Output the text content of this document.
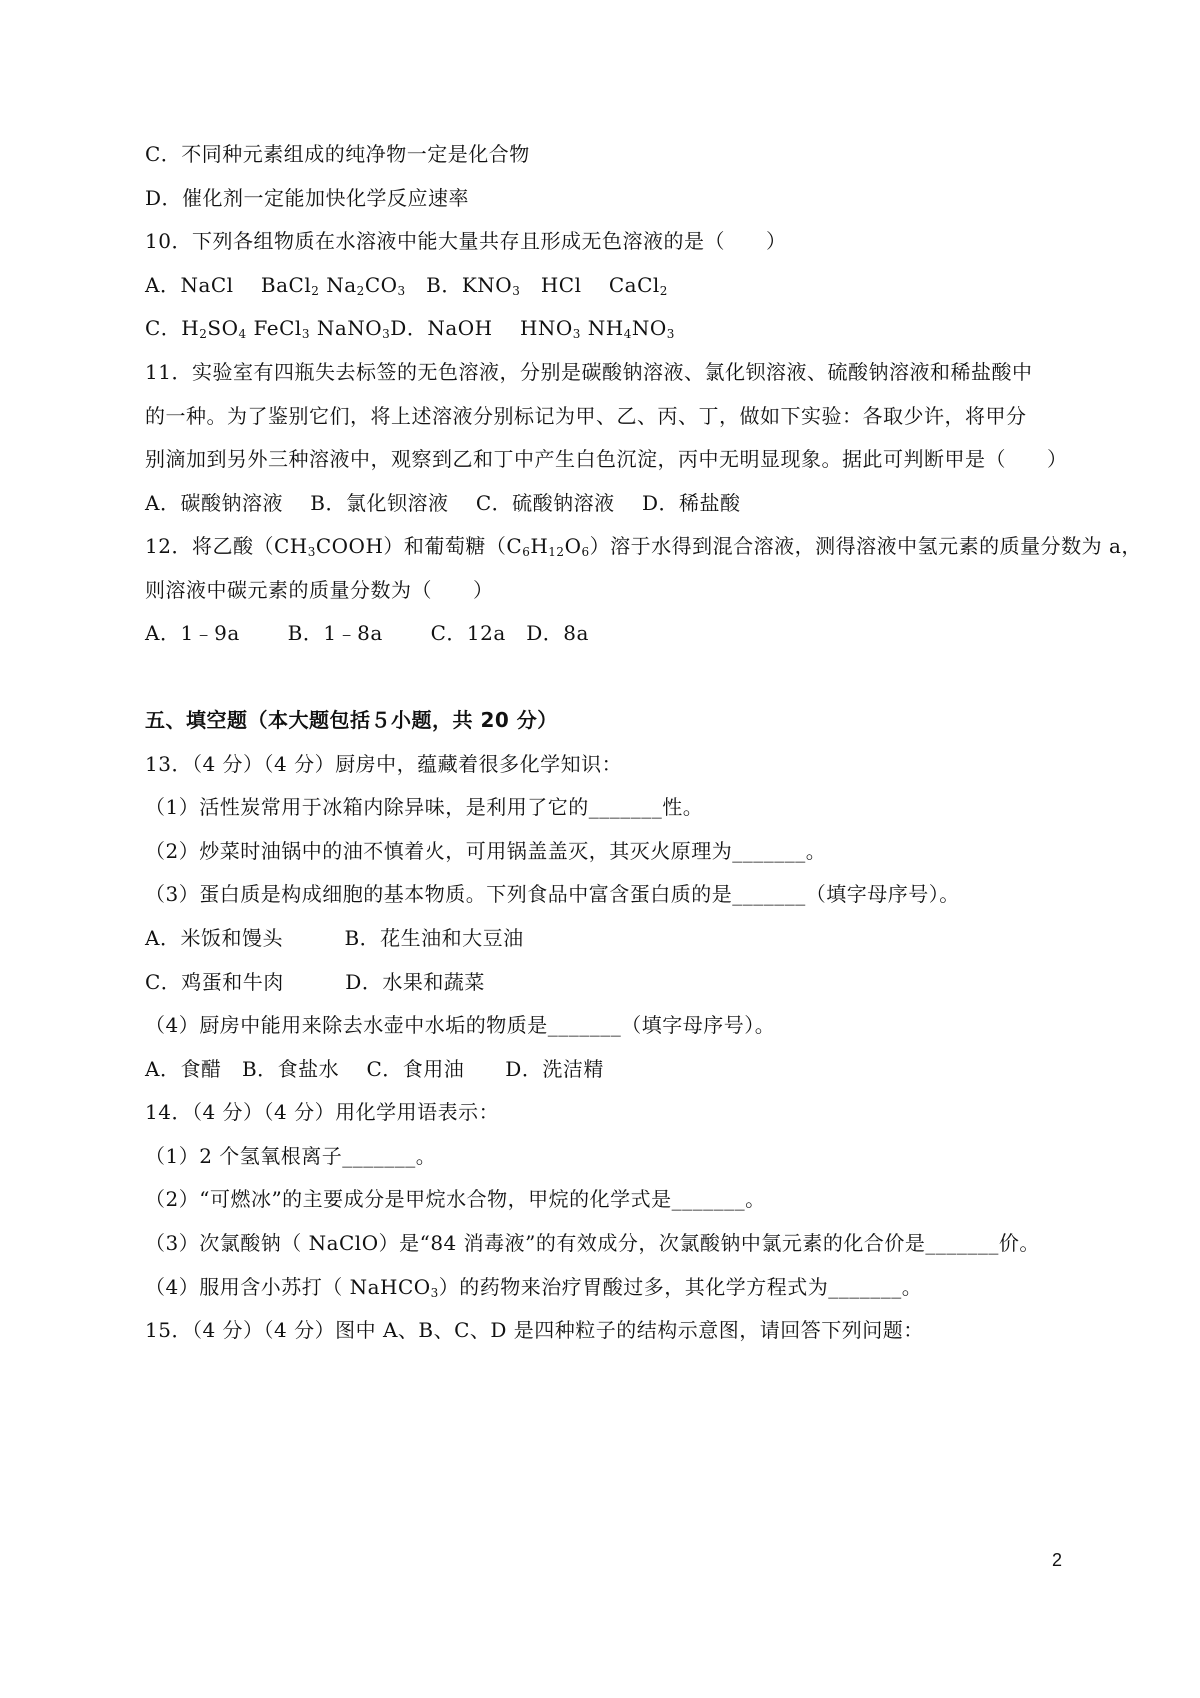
C．不同种元素组成的纯净物一定是化合物
D．催化剂一定能加快化学反应速率
10．下列各组物质在水溶液中能大量共存且形成无色溶液的是（　　）
A．NaCl　 BaCl$_2$ $Na_2CO_3$　B．$KNO_3$　HCl　 CaCl$_2$
C．$H_2SO_4$ FeCl$_3$ NaNO$_3$D．NaOH　 $HNO_3$ $NH_4NO_3$
11．实验室有四瓶失去标签的无色溶液，分别是碳酸钠溶液、氯化钡溶液、硫酸钠溶液和稀盐酸中
的一种。为了鉴别它们，将上述溶液分别标记为甲、乙、丙、丁，做如下实验：各取少许，将甲分
别滴加到另外三种溶液中，观察到乙和丁中产生白色沉淀，丙中无明显现象。据此可判断甲是（　　）
A．碳酸钠溶液　 B．氯化钡溶液　 C．硫酸钠溶液　 D．稀盐酸
12．将乙酸$(CH_3COOH)$和葡萄糖$(C_6H_{12}O_6)$溶于水得到混合溶液，测得溶液中氢元素的质量分数为 a，
则溶液中碳元素的质量分数为（　　）
A．1﹣9a　　 B．1﹣8a　　 C．12a　D．8a
五、填空题（本大题包括５小题，共 20 分）
13．（4 分）（4 分）厨房中，蕴藏着很多化学知识：
（1）活性炭常用于冰箱内除异味，是利用了它的_______性。
（2）炒菜时油锅中的油不慎着火，可用锅盖盖灭，其灭火原理为_______。
（3）蛋白质是构成细胞的基本物质。下列食品中富含蛋白质的是_______（填字母序号）。
A．米饭和馒头　　　B．花生油和大豆油
C．鸡蛋和牛肉　　　D．水果和蔬菜
（4）厨房中能用来除去水壶中水垢的物质是_______（填字母序号）。
A．食醋　B．食盐水　 C．食用油　　D．洗洁精
14．（4 分）（4 分）用化学用语表示：
（1）2 个氢氧根离子_______。
（2）“可燃冰”的主要成分是甲烷水合物，甲烷的化学式是_______。
（3）次氯酸钠（ NaClO）是“84 消毒液”的有效成分，次氯酸钠中氯元素的化合价是_______价。
（4）服用含小苏打（ NaHCO$_3$）的药物来治疗胃酸过多，其化学方程式为_______。
15．（4 分）（4 分）图中 A、B、C、D 是四种粒子的结构示意图，请回答下列问题：
2
